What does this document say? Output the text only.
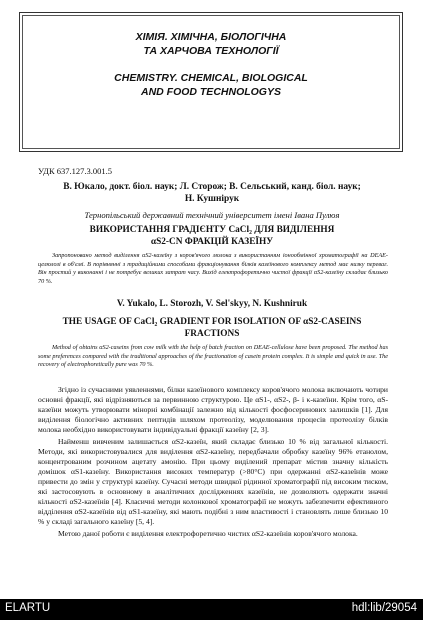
ХІМІЯ. ХІМІЧНА, БІОЛОГІЧНА
ТА ХАРЧОВА ТЕХНОЛОГІЇ
CHEMISTRY. CHEMICAL, BIOLOGICAL
AND FOOD TECHNOLOGYS
УДК 637.127.3.001.5
В. Юкало, докт. біол. наук; Л. Сторож; В. Сельський, канд. біол. наук;
Н. Кушнірук
Тернопільський державний технічний університет імені Івана Пулюя
ВИКОРИСТАННЯ ГРАДІЄНТУ CaCl₂ ДЛЯ ВИДІЛЕННЯ
αS2-CN ФРАКЦІЙ КАЗЕЇНУ
Запропоновано метод виділення αS2-казеїну з коров'ячого молока з використанням іонообмінної хроматографії на DEAE-целюлозі в об'ємі. В порівнянні з традиційними способами фракціонування білків казеїнового комплексу метод має низку переваг. Він простий у виконанні і не потребує великих затрат часу. Вихід електрофоретично чистої фракції αS2-казеїну складає близько 70 %.
V. Yukalo, L. Storozh, V. Sel'skyy, N. Kushniruk
THE USAGE OF CaCl₂ GRADIENT FOR ISOLATION OF αS2-CASEINS
FRACTIONS
Method of obtains αS2-caseins from cow milk with the help of batch fraction on DEAE-cellulose have been proposed. The method has some preferences compared with the traditional approaches of the fractionation of casein protein complex. It is simple and quick in use. The recovery of electrophoretically pure was 70 %.

Згідно із сучасними уявленнями, білки казеїнового комплексу коров'ячого молока включають чотири основні фракції, які відрізняються за первинною структурою. Це αS1-, αS2-, β- і κ-казеїни. Крім того, αS-казеїни можуть утворювати мінорні комбінації залежно від кількості фосфосеринових залишків [1]. Для виділення біологічно активних пептидів шляхом протеолізу, моделювання процесів протеолізу білків молока необхідно використовувати індивідуальні фракції казеїну [2, 3].

Найменш вивченим залишається αS2-казеїн, який складає близько 10 % від загальної кількості. Методи, які використовувалися для виділення αS2-казеїну, передбачали обробку казеїну 96% етанолом, концентрованим розчином ацетату амонію. При цьому виділений препарат містив значну кількість домішок αS1-казеїну. Використання високих температур (>80°С) при одержанні αS2-казеїнів може привести до змін у структурі казеїну. Сучасні методи швидкої рідинної хроматографії під високим тиском, які застосовують в основному в аналітичних дослідженнях казеїнів, не дозволяють одержати значні кількості αS2-казеїнів [4]. Класичні методи колонкової хроматографії не можуть забезпечити ефективного відділення αS2-казеїнів від αS1-казеїну, які мають подібні з ним властивості і становлять лише близько 10 % у складі загального казеїну [5, 4].

Метою даної роботи є виділення електрофоретично чистих αS2-казеїнів коров'ячого молока.

ELARTU	hdl:lib/29054
